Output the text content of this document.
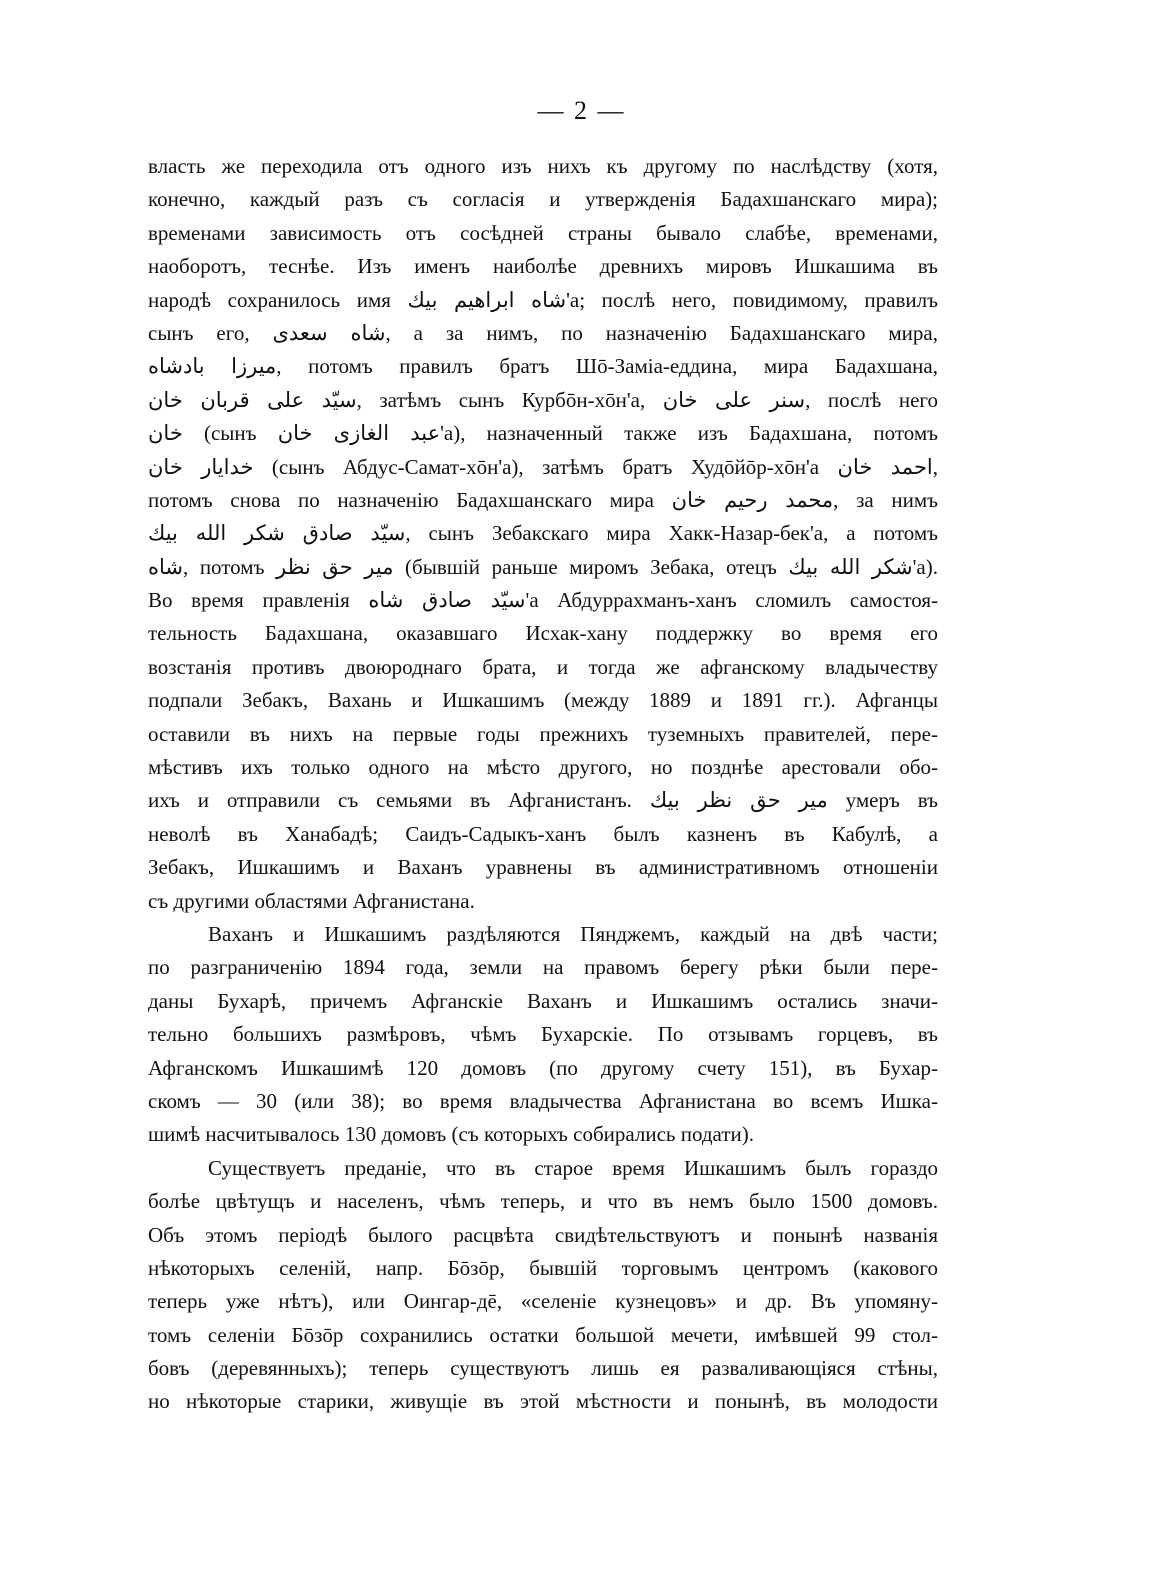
— 2 —
власть же переходила отъ одного изъ нихъ къ другому по наслѣдству (хотя,
конечно, каждый разъ съ согласія и утвержденія Бадахшанскаго мира);
временами зависимость отъ сосѣдней страны бывало слабѣе, временами,
наоборотъ, теснѣе. Изъ именъ наиболѣе древнихъ мировъ Ишкашима въ
народѣ сохранилось имя شاه ابراهیم بیك'а; послѣ него, повидимому, правилъ
сынъ его, شاه سعدی, а за нимъ, по назначенію Бадахшанскаго мира,
میرزا بادشاه, потомъ правилъ братъ Шō-Заміа-еддина, мира Бадахшана,
سیّد علی قربان خان, затѣмъ сынъ Курбōн-хōн'а, سنر علی خان, послѣ него
خان (сынъ عبد الغازی خان'а), назначенный также изъ Бадахшана, потомъ
خدایار خان (сынъ Абдус-Самат-хōн'а), затѣмъ братъ Худōйōр-хōн'а احمد خان,
потомъ снова по назначенію Бадахшанскаго мира محمد رحیم خان, за нимъ
سیّد صادق شکر الله بیك, сынъ Зебакскаго мира Хакк-Назар-бек'а, а потомъ
شاه, потомъ میر حق نظر (бывшій раньше миромъ Зебака, отецъ شکر الله بیك'а).
Во время правленія سیّد صادق شاه'а Абдуррахманъ-ханъ сломилъ самостоя-
тельность Бадахшана, оказавшаго Исхак-хану поддержку во время его
возстанія противъ двоюроднаго брата, и тогда же афганскому владычеству
подпали Зебакъ, Вахань и Ишкашимъ (между 1889 и 1891 гг.). Афганцы
оставили въ нихъ на первые годы прежнихъ туземныхъ правителей, пере-
мѣстивъ ихъ только одного на мѣсто другого, но позднѣе арестовали обо-
ихъ и отправили съ семьями въ Афганистанъ. میر حق نظر بیك умеръ въ
неволѣ въ Ханабадѣ; Саидъ-Садыкъ-ханъ былъ казненъ въ Кабулѣ, а
Зебакъ, Ишкашимъ и Ваханъ уравнены въ административномъ отношеніи
съ другими областями Афганистана.
Ваханъ и Ишкашимъ раздѣляются Пянджемъ, каждый на двѣ части;
по разграниченію 1894 года, земли на правомъ берегу рѣки были пере-
даны Бухарѣ, причемъ Афганскіе Ваханъ и Ишкашимъ остались значи-
тельно большихъ размѣровъ, чѣмъ Бухарскіе. По отзывамъ горцевъ, въ
Афганскомъ Ишкашимѣ 120 домовъ (по другому счету 151), въ Бухар-
скомъ — 30 (или 38); во время владычества Афганистана во всемъ Ишка-
шимѣ насчитывалось 130 домовъ (съ которыхъ собирались подати).
Существуетъ преданіе, что въ старое время Ишкашимъ былъ гораздо
болѣе цвѣтущъ и населенъ, чѣмъ теперь, и что въ немъ было 1500 домовъ.
Объ этомъ періодѣ былого расцвѣта свидѣтельствуютъ и понынѣ названія
нѣкоторыхъ селеній, напр. Бōзōр, бывшій торговымъ центромъ (какового
теперь уже нѣтъ), или Оингар-дē, «селеніе кузнецовъ» и др. Въ упомяну-
томъ селеніи Бōзōр сохранились остатки большой мечети, имѣвшей 99 стол-
бовъ (деревянныхъ); теперь существуютъ лишь ея разваливающіяся стѣны,
но нѣкоторые старики, живущіе въ этой мѣстности и понынѣ, въ молодости
